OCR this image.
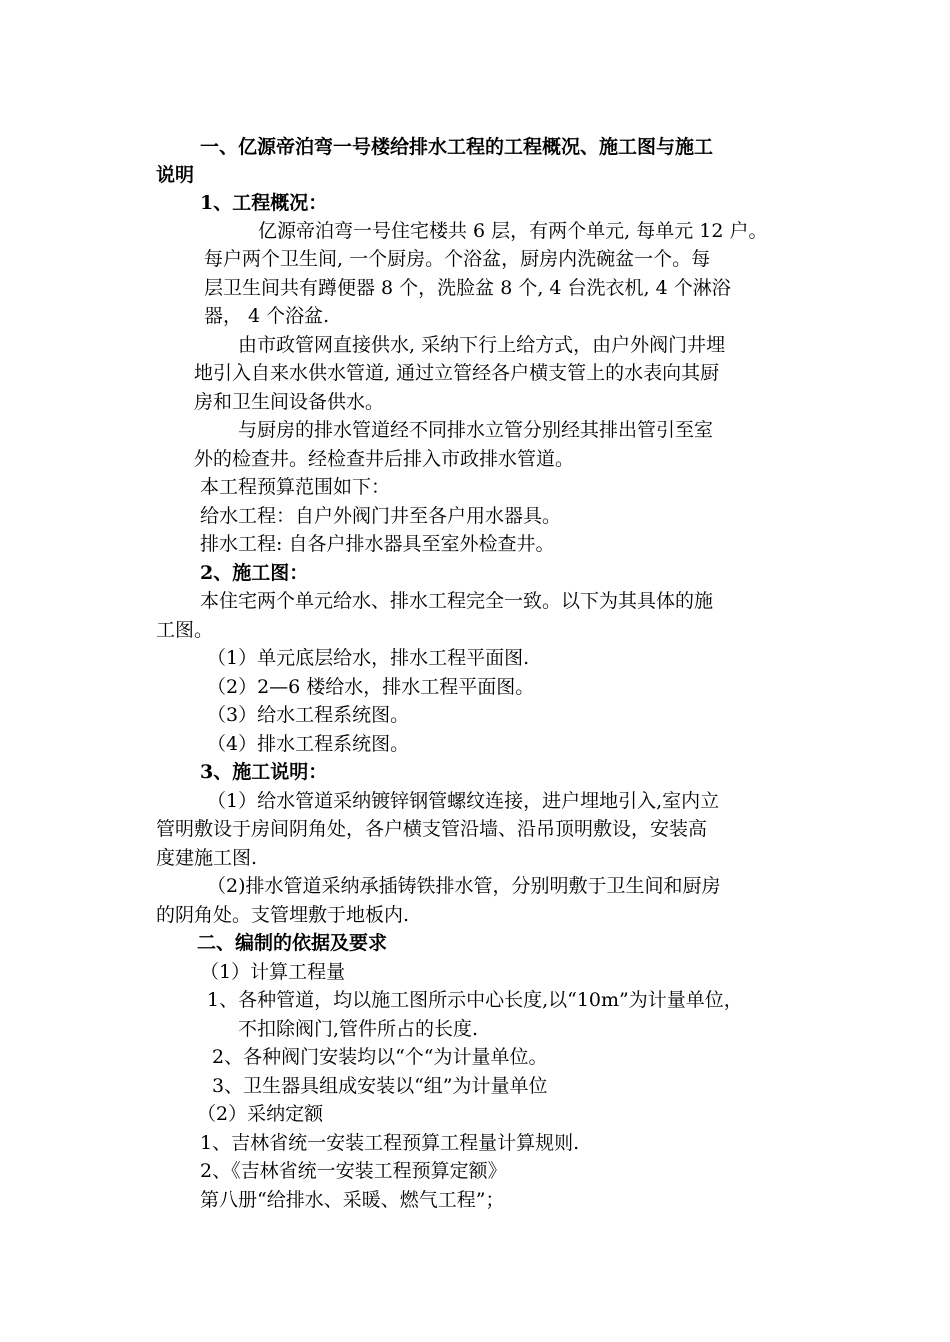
一、亿源帝泊弯一号楼给排水工程的工程概况、施工图与施工
说明
1、工程概况：
亿源帝泊弯一号住宅楼共 6 层，有两个单元, 每单元 12 户。
每户两个卫生间, 一个厨房。个浴盆，厨房内洗碗盆一个。每
层卫生间共有蹲便器 8 个，洗脸盆 8 个, 4 台洗衣机, 4 个淋浴
器， 4 个浴盆.
由市政管网直接供水, 采纳下行上给方式，由户外阀门井埋
地引入自来水供水管道, 通过立管经各户横支管上的水表向其厨
房和卫生间设备供水。
与厨房的排水管道经不同排水立管分别经其排出管引至室
外的检查井。经检查井后排入市政排水管道。
本工程预算范围如下：
给水工程：自户外阀门井至各户用水器具。
排水工程: 自各户排水器具至室外检查井。
2、施工图：
本住宅两个单元给水、排水工程完全一致。以下为其具体的施
工图。
（1）单元底层给水，排水工程平面图.
（2）2—6 楼给水，排水工程平面图。
（3）给水工程系统图。
（4）排水工程系统图。
3、施工说明：
（1）给水管道采纳镀锌钢管螺纹连接，进户埋地引入,室内立
管明敷设于房间阴角处，各户横支管沿墙、沿吊顶明敷设，安装高
度建施工图.
（2)排水管道采纳承插铸铁排水管，分别明敷于卫生间和厨房
的阴角处。支管埋敷于地板内.
二、编制的依据及要求
（1）计算工程量
1、各种管道，均以施工图所示中心长度,以“10m”为计量单位，
不扣除阀门,管件所占的长度.
2、各种阀门安装均以“个“为计量单位。
3、卫生器具组成安装以“组”为计量单位
（2）采纳定额
1、吉林省统一安装工程预算工程量计算规则.
2、《吉林省统一安装工程预算定额》
第八册“给排水、采暖、燃气工程”；
